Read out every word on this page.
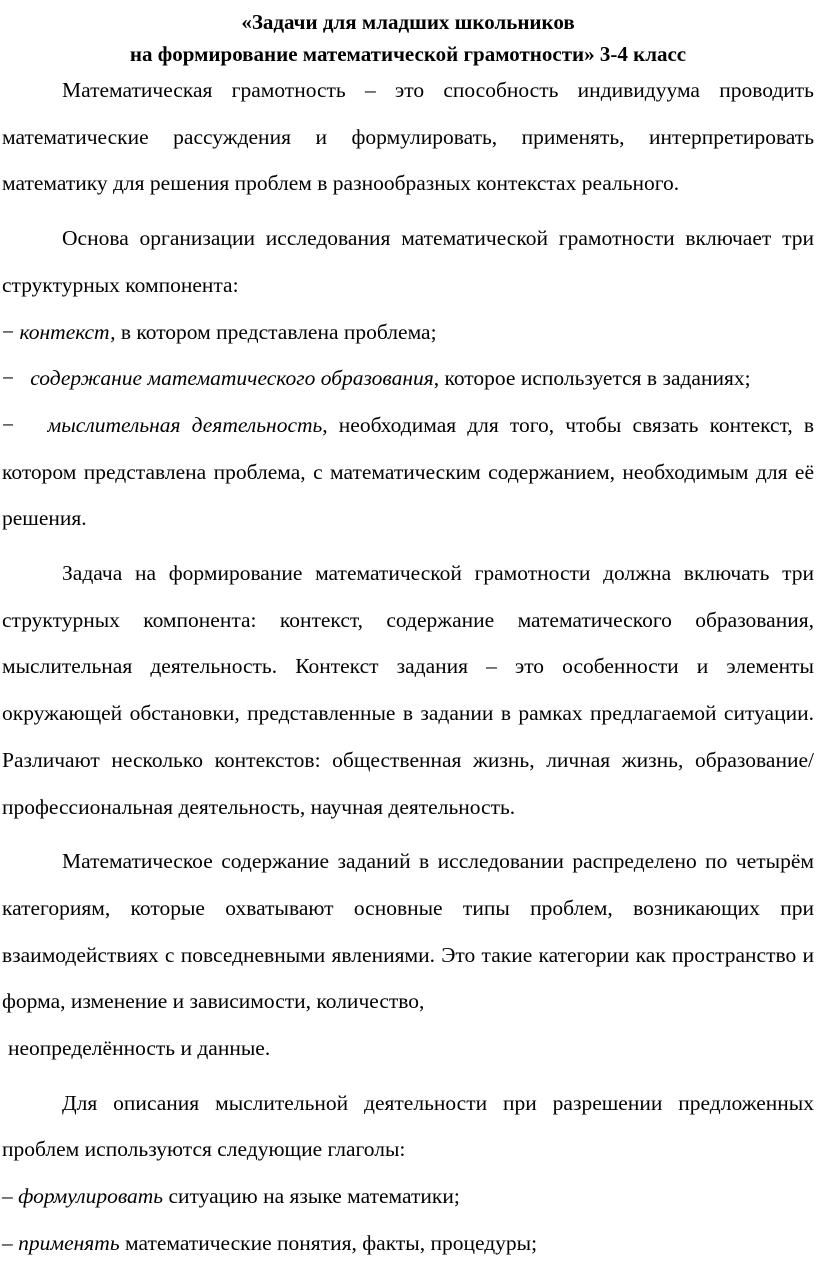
«Задачи для младших школьников
на формирование математической грамотности» 3-4 класс

Математическая грамотность – это способность индивидуума проводить математические рассуждения и формулировать, применять, интерпретировать математику для решения проблем в разнообразных контекстах реального.

Основа организации исследования математической грамотности включает три структурных компонента:

− контекст, в котором представлена проблема;

− содержание математического образования, которое используется в заданиях;

− мыслительная деятельность, необходимая для того, чтобы связать контекст, в котором представлена проблема, с математическим содержанием, необходимым для её решения.

Задача на формирование математической грамотности должна включать три структурных компонента: контекст, содержание математического образования, мыслительная деятельность. Контекст задания – это особенности и элементы окружающей обстановки, представленные в задании в рамках предлагаемой ситуации. Различают несколько контекстов: общественная жизнь, личная жизнь, образование/профессиональная деятельность, научная деятельность.

Математическое содержание заданий в исследовании распределено по четырём категориям, которые охватывают основные типы проблем, возникающих при взаимодействиях с повседневными явлениями. Это такие категории как пространство и форма, изменение и зависимости, количество,

неопределённость и данные.

Для описания мыслительной деятельности при разрешении предложенных проблем используются следующие глаголы:

– формулировать ситуацию на языке математики;

– применять математические понятия, факты, процедуры;
